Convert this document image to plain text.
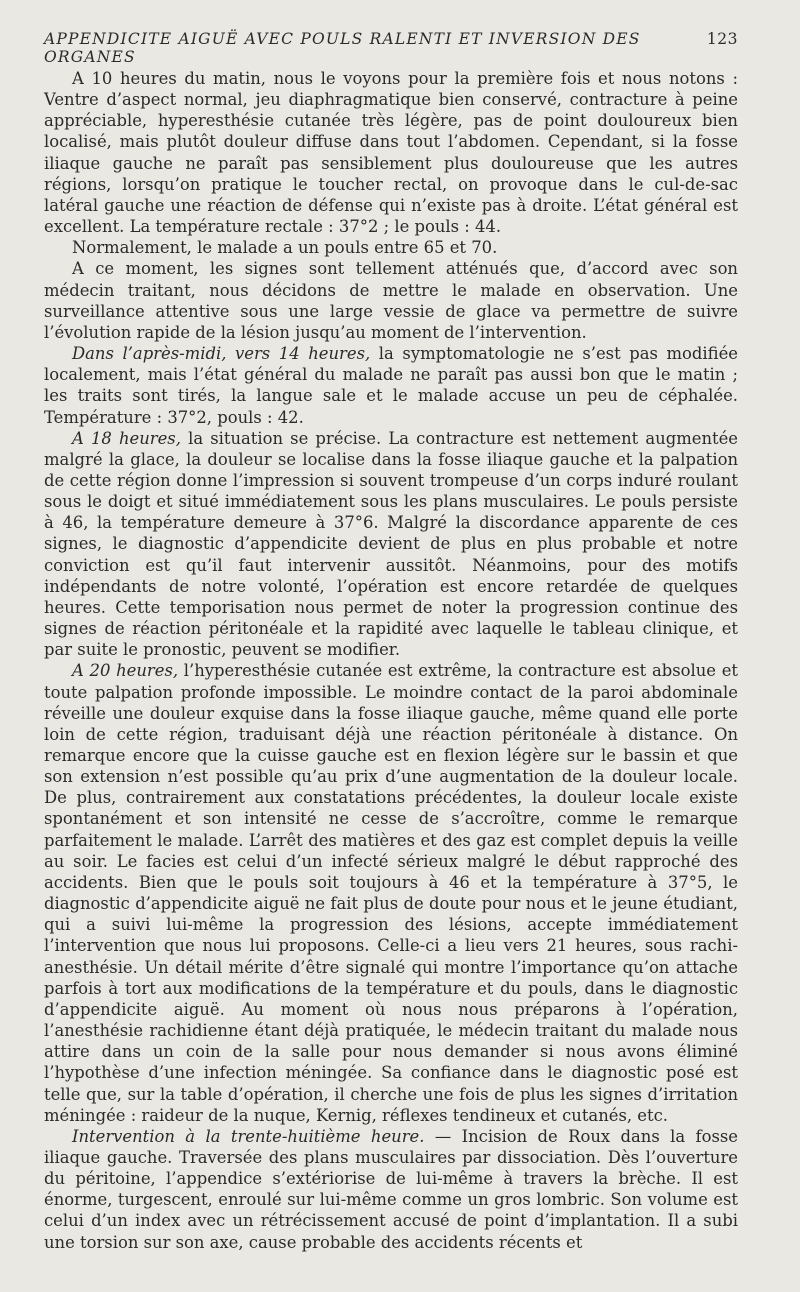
APPENDICITE AIGUË AVEC POULS RALENTI ET INVERSION DES ORGANES
123

A 10 heures du matin, nous le voyons pour la première fois et nous notons : Ventre d’aspect normal, jeu diaphragmatique bien conservé, contracture à peine appréciable, hyperesthésie cutanée très légère, pas de point douloureux bien localisé, mais plutôt douleur diffuse dans tout l’abdomen. Cependant, si la fosse iliaque gauche ne paraît pas sensiblement plus douloureuse que les autres régions, lorsqu’on pratique le toucher rectal, on provoque dans le cul-de-sac latéral gauche une réaction de défense qui n’existe pas à droite. L’état général est excellent. La température rectale : 37°2 ; le pouls : 44.

Normalement, le malade a un pouls entre 65 et 70.

A ce moment, les signes sont tellement atténués que, d’accord avec son médecin traitant, nous décidons de mettre le malade en observation. Une surveillance attentive sous une large vessie de glace va permettre de suivre l’évolution rapide de la lésion jusqu’au moment de l’intervention.

Dans l’après-midi, vers 14 heures, la symptomatologie ne s’est pas modifiée localement, mais l’état général du malade ne paraît pas aussi bon que le matin ; les traits sont tirés, la langue sale et le malade accuse un peu de céphalée. Température : 37°2, pouls : 42.

A 18 heures, la situation se précise. La contracture est nettement augmentée malgré la glace, la douleur se localise dans la fosse iliaque gauche et la palpation de cette région donne l’impression si souvent trompeuse d’un corps induré roulant sous le doigt et situé immédiatement sous les plans musculaires. Le pouls persiste à 46, la température demeure à 37°6. Malgré la discordance apparente de ces signes, le diagnostic d’appendicite devient de plus en plus probable et notre conviction est qu’il faut intervenir aussitôt. Néanmoins, pour des motifs indépendants de notre volonté, l’opération est encore retardée de quelques heures. Cette temporisation nous permet de noter la progression continue des signes de réaction péritonéale et la rapidité avec laquelle le tableau clinique, et par suite le pronostic, peuvent se modifier.

A 20 heures, l’hyperesthésie cutanée est extrême, la contracture est absolue et toute palpation profonde impossible. Le moindre contact de la paroi abdominale réveille une douleur exquise dans la fosse iliaque gauche, même quand elle porte loin de cette région, traduisant déjà une réaction péritonéale à distance. On remarque encore que la cuisse gauche est en flexion légère sur le bassin et que son extension n’est possible qu’au prix d’une augmentation de la douleur locale. De plus, contrairement aux constatations précédentes, la douleur locale existe spontanément et son intensité ne cesse de s’accroître, comme le remarque parfaitement le malade. L’arrêt des matières et des gaz est complet depuis la veille au soir. Le facies est celui d’un infecté sérieux malgré le début rapproché des accidents. Bien que le pouls soit toujours à 46 et la température à 37°5, le diagnostic d’appendicite aiguë ne fait plus de doute pour nous et le jeune étudiant, qui a suivi lui-même la progression des lésions, accepte immédiatement l’intervention que nous lui proposons. Celle-ci a lieu vers 21 heures, sous rachi-anesthésie. Un détail mérite d’être signalé qui montre l’importance qu’on attache parfois à tort aux modifications de la température et du pouls, dans le diagnostic d’appendicite aiguë. Au moment où nous nous préparons à l’opération, l’anesthésie rachidienne étant déjà pratiquée, le médecin traitant du malade nous attire dans un coin de la salle pour nous demander si nous avons éliminé l’hypothèse d’une infection méningée. Sa confiance dans le diagnostic posé est telle que, sur la table d’opération, il cherche une fois de plus les signes d’irritation méningée : raideur de la nuque, Kernig, réflexes tendineux et cutanés, etc.

Intervention à la trente-huitième heure. — Incision de Roux dans la fosse iliaque gauche. Traversée des plans musculaires par dissociation. Dès l’ouverture du péritoine, l’appendice s’extériorise de lui-même à travers la brèche. Il est énorme, turgescent, enroulé sur lui-même comme un gros lombric. Son volume est celui d’un index avec un rétrécissement accusé de point d’implantation. Il a subi une torsion sur son axe, cause probable des accidents récents et
